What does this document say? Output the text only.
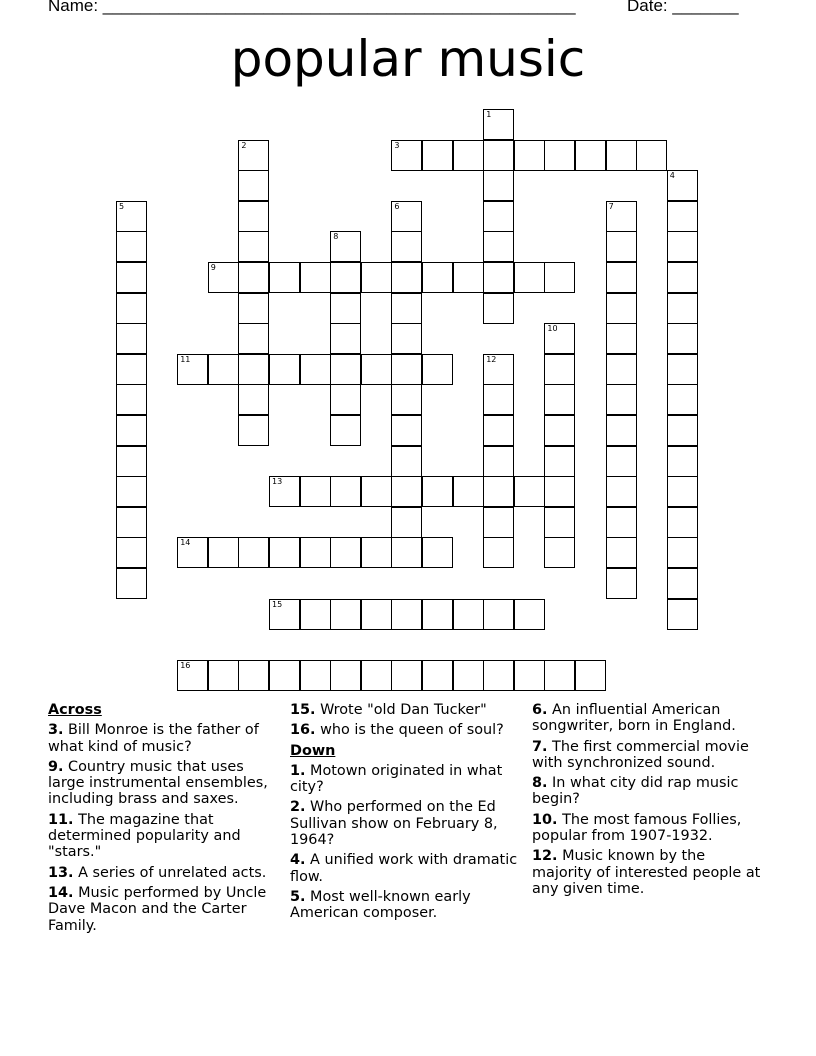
Name: __________________________________________________	Date: _______
popular music
1
2	3
4
5	6	7
8
9
10
11	12
13
14
15
16
Across
3. Bill Monroe is the father of what kind of music?
9. Country music that uses large instrumental ensembles, including brass and saxes.
11. The magazine that determined popularity and "stars."
13. A series of unrelated acts.
14. Music performed by Uncle Dave Macon and the Carter Family.
15. Wrote "old Dan Tucker"
16. who is the queen of soul?
Down
1. Motown originated in what city?
2. Who performed on the Ed Sullivan show on February 8, 1964?
4. A unified work with dramatic flow.
5. Most well-known early American composer.
6. An influential American songwriter, born in England.
7. The first commercial movie with synchronized sound.
8. In what city did rap music begin?
10. The most famous Follies, popular from 1907-1932.
12. Music known by the majority of interested people at any given time.
